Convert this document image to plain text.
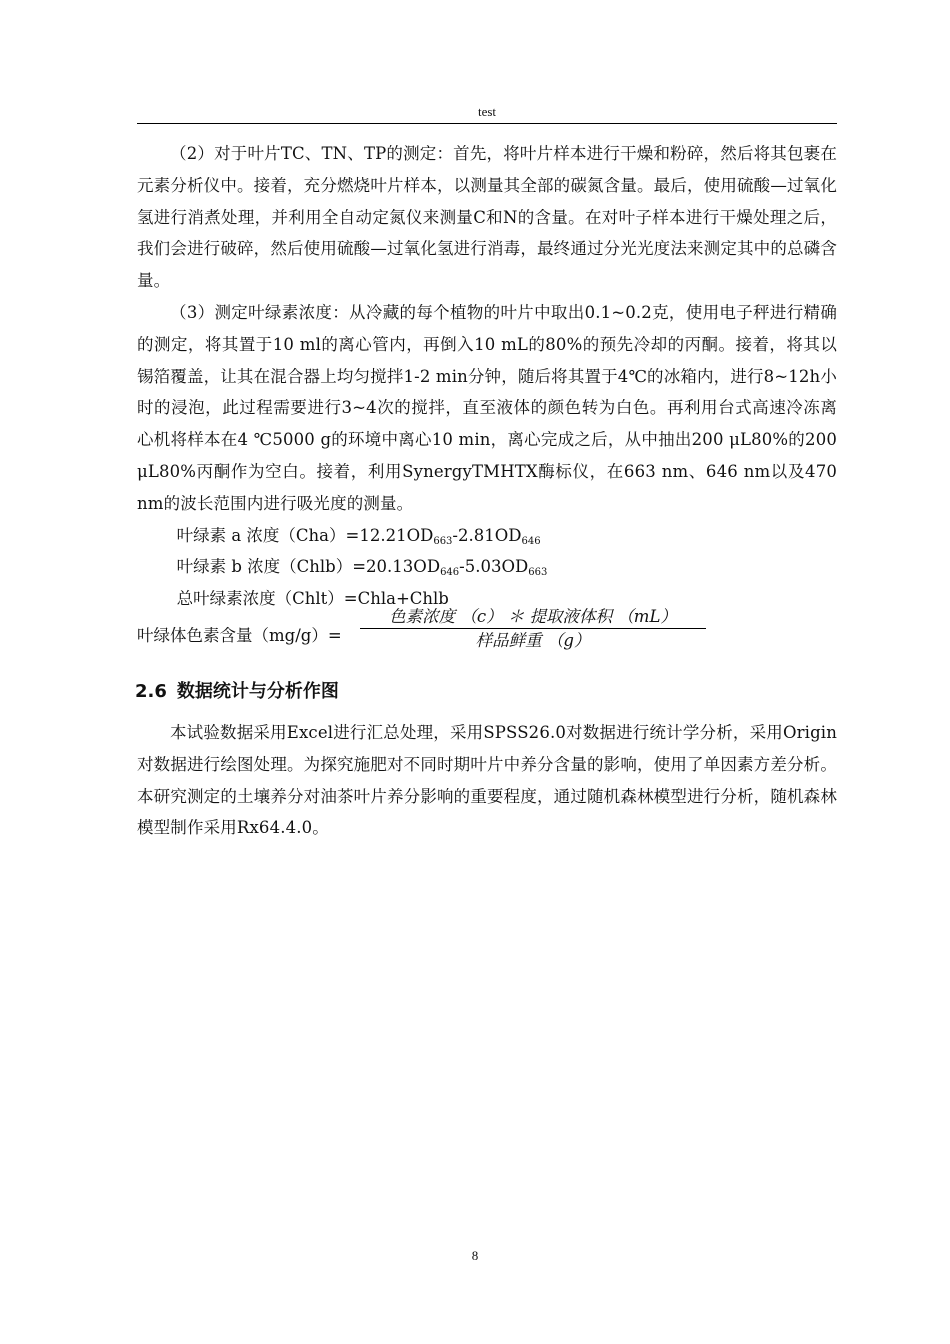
test

（2）对于叶片TC、TN、TP的测定：首先，将叶片样本进行干燥和粉碎，然后将其包裹在元素分析仪中。接着，充分燃烧叶片样本，以测量其全部的碳氮含量。最后，使用硫酸—过氧化氢进行消煮处理，并利用全自动定氮仪来测量C和N的含量。在对叶子样本进行干燥处理之后，我们会进行破碎，然后使用硫酸—过氧化氢进行消毒，最终通过分光光度法来测定其中的总磷含量。

（3）测定叶绿素浓度：从冷藏的每个植物的叶片中取出0.1~0.2克，使用电子秤进行精确的测定，将其置于10 ml的离心管内，再倒入10 mL的80%的预先冷却的丙酮。接着，将其以锡箔覆盖，让其在混合器上均匀搅拌1-2 min分钟，随后将其置于4℃的冰箱内，进行8~12h小时的浸泡，此过程需要进行3~4次的搅拌，直至液体的颜色转为白色。再利用台式高速冷冻离心机将样本在4 ℃5000 g的环境中离心10 min，离心完成之后，从中抽出200 μL80%的200 μL80%丙酮作为空白。接着，利用SynergyTMHTX酶标仪，在663 nm、646 nm以及470 nm的波长范围内进行吸光度的测量。

叶绿素 a 浓度$(Cha)=12.21OD_{663}-2.81OD_{646}$

叶绿素 b 浓度$(Chlb)=20.13OD_{646}-5.03OD_{663}$

总叶绿素浓度（Chlt）=Chla+Chlb

叶绿体色素含量（mg/g）=
色素浓度 （c） ＊ 提取液体积 （mL）
样品鲜重 （g）
2.6 数据统计与分析作图

本试验数据采用Excel进行汇总处理，采用SPSS26.0对数据进行统计学分析，采用Origin对数据进行绘图处理。为探究施肥对不同时期叶片中养分含量的影响，使用了单因素方差分析。本研究测定的土壤养分对油茶叶片养分影响的重要程度，通过随机森林模型进行分析，随机森林模型制作采用Rx64.4.0。

8
